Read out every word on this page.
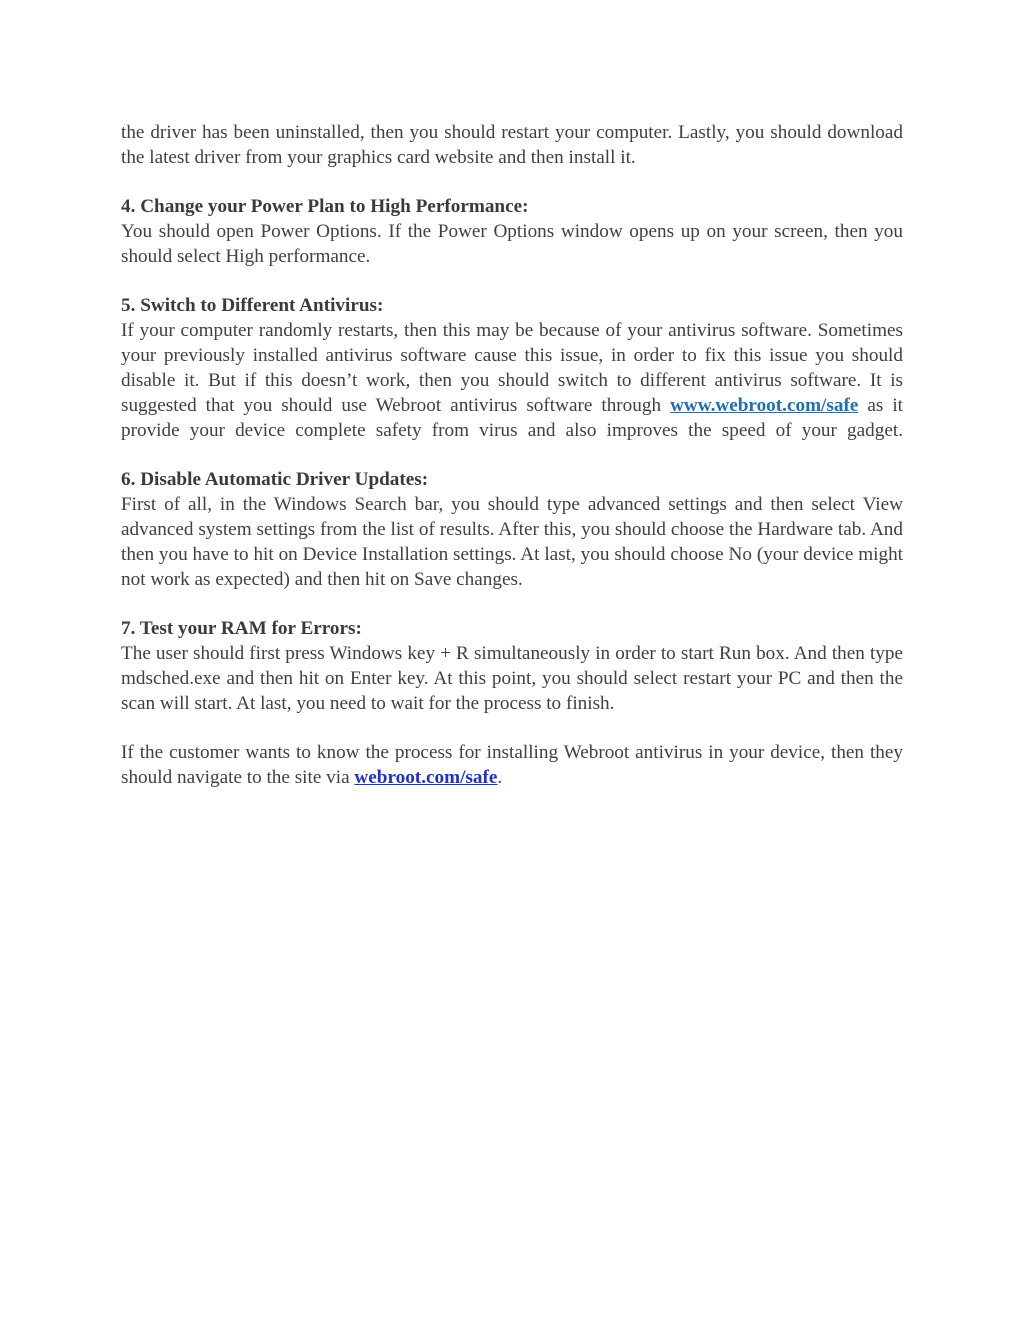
the driver has been uninstalled, then you should restart your computer. Lastly, you should download the latest driver from your graphics card website and then install it.

4. Change your Power Plan to High Performance:

You should open Power Options. If the Power Options window opens up on your screen, then you should select High performance.

5. Switch to Different Antivirus:

If your computer randomly restarts, then this may be because of your antivirus software. Sometimes your previously installed antivirus software cause this issue, in order to fix this issue you should disable it. But if this doesn’t work, then you should switch to different antivirus software. It is suggested that you should use Webroot antivirus software through www.webroot.com/safe as it provide your device complete safety from virus and also improves the speed of your gadget.

6. Disable Automatic Driver Updates:

First of all, in the Windows Search bar, you should type advanced settings and then select View advanced system settings from the list of results. After this, you should choose the Hardware tab. And then you have to hit on Device Installation settings. At last, you should choose No (your device might not work as expected) and then hit on Save changes.

7. Test your RAM for Errors:

The user should first press Windows key + R simultaneously in order to start Run box. And then type mdsched.exe and then hit on Enter key. At this point, you should select restart your PC and then the scan will start. At last, you need to wait for the process to finish.

If the customer wants to know the process for installing Webroot antivirus in your device, then they should navigate to the site via webroot.com/safe.
